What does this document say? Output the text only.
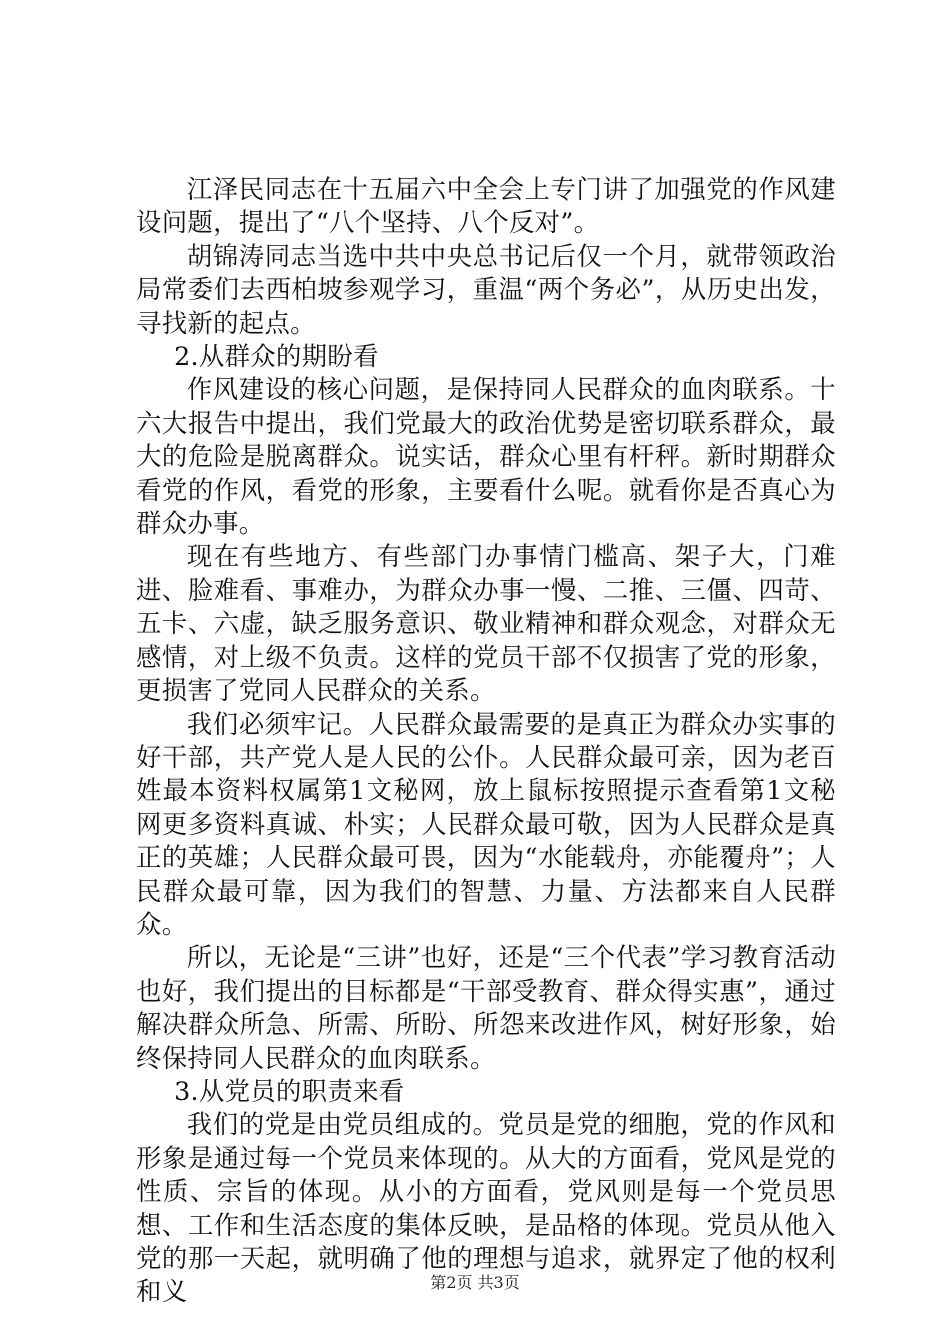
江泽民同志在十五届六中全会上专门讲了加强党的作风建设问题，提出了“八个坚持、八个反对”。

胡锦涛同志当选中共中央总书记后仅一个月，就带领政治局常委们去西柏坡参观学习，重温“两个务必”，从历史出发，寻找新的起点。

2.从群众的期盼看

作风建设的核心问题，是保持同人民群众的血肉联系。十六大报告中提出，我们党最大的政治优势是密切联系群众，最大的危险是脱离群众。说实话，群众心里有杆秤。新时期群众看党的作风，看党的形象，主要看什么呢。就看你是否真心为群众办事。

现在有些地方、有些部门办事情门槛高、架子大，门难进、脸难看、事难办，为群众办事一慢、二推、三僵、四苛、五卡、六虚，缺乏服务意识、敬业精神和群众观念，对群众无感情，对上级不负责。这样的党员干部不仅损害了党的形象，更损害了党同人民群众的关系。

我们必须牢记。人民群众最需要的是真正为群众办实事的好干部，共产党人是人民的公仆。人民群众最可亲，因为老百姓最本资料权属第1文秘网，放上鼠标按照提示查看第1文秘网更多资料真诚、朴实；人民群众最可敬，因为人民群众是真正的英雄；人民群众最可畏，因为“水能载舟，亦能覆舟”；人民群众最可靠，因为我们的智慧、力量、方法都来自人民群众。

所以，无论是“三讲”也好，还是“三个代表”学习教育活动也好，我们提出的目标都是“干部受教育、群众得实惠”，通过解决群众所急、所需、所盼、所怨来改进作风，树好形象，始终保持同人民群众的血肉联系。

3.从党员的职责来看

我们的党是由党员组成的。党员是党的细胞，党的作风和形象是通过每一个党员来体现的。从大的方面看，党风是党的性质、宗旨的体现。从小的方面看，党风则是每一个党员思想、工作和生活态度的集体反映，是品格的体现。党员从他入党的那一天起，就明确了他的理想与追求，就界定了他的权利和义	第2页 共3页
